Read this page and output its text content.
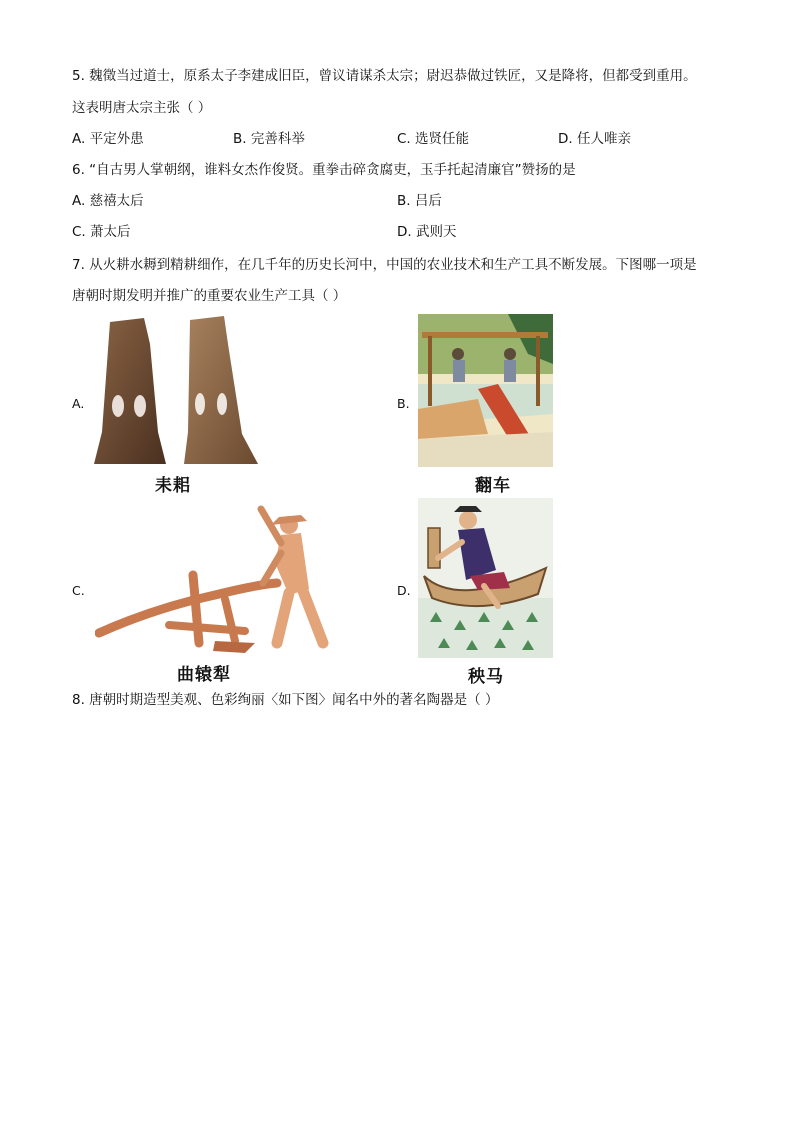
5. 魏徵当过道士，原系太子李建成旧臣，曾议请谋杀太宗；尉迟恭做过铁匠，又是降将，但都受到重用。
这表明唐太宗主张（ ）
A. 平定外患	B. 完善科举	C. 选贤任能	D. 任人唯亲
6. “自古男人掌朝纲，谁料女杰作俊贤。重拳击碎贪腐吏，玉手托起清廉官”赞扬的是
A. 慈禧太后	B. 吕后
C. 萧太后	D. 武则天
7. 从火耕水耨到精耕细作，在几千年的历史长河中，中国的农业技术和生产工具不断发展。下图哪一项是
唐朝时期发明并推广的重要农业生产工具（ ）
A.
耒耜
B.
翻车
C.
曲辕犁
D.
秧马
8. 唐朝时期造型美观、色彩绚丽〈如下图〉闻名中外的著名陶器是（ ）
